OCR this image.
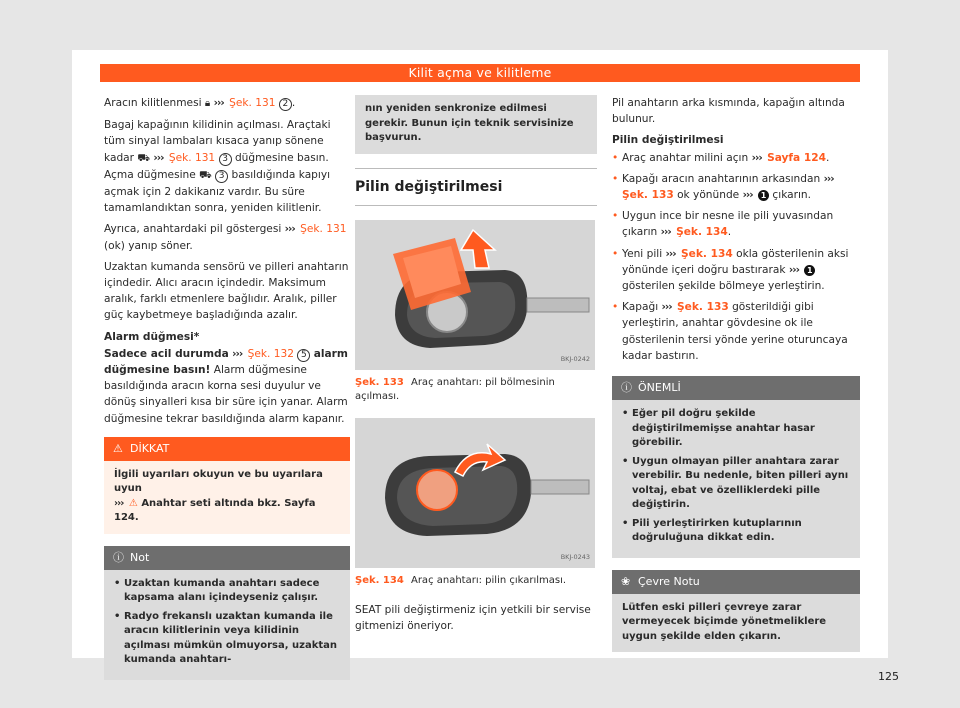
Kilit açma ve kilitleme

Aracın kilitlenmesi 🔒︎ ››› Şek. 131 2 .

Bagaj kapağının kilidinin açılması. Araçtaki tüm sinyal lambaları kısaca yanıp sönene kadar ⛟ ››› Şek. 131 3 düğmesine basın. Açma düğmesine ⛟ 3 basıldığında kapıyı açmak için 2 dakikanız vardır. Bu süre tamamlandıktan sonra, yeniden kilitlenir.

Ayrıca, anahtardaki pil göstergesi ››› Şek. 131 (ok) yanıp söner.

Uzaktan kumanda sensörü ve pilleri anahtarın içindedir. Alıcı aracın içindedir. Maksimum aralık, farklı etmenlere bağlıdır. Aralık, piller güç kaybetmeye başladığında azalır.

Alarm düğmesi*

Sadece acil durumda ››› Şek. 132 5 alarm düğmesine basın! Alarm düğmesine basıldığında aracın korna sesi duyulur ve dönüş sinyalleri kısa bir süre için yanar. Alarm düğmesine tekrar basıldığında alarm kapanır.

⚠ DİKKAT
İlgili uyarıları okuyun ve bu uyarılara uyun
››› ⚠ Anahtar seti altında bkz. Sayfa 124.
ⓘ Not
• Uzaktan kumanda anahtarı sadece kapsama alanı içindeyseniz çalışır.
• Radyo frekanslı uzaktan kumanda ile aracın kilitlerinin veya kilidinin açılması mümkün olmuyorsa, uzaktan kumanda anahtarı-
nın yeniden senkronize edilmesi gerekir. Bunun için teknik servisinize başvurun.
Pilin değiştirilmesi
BKJ-0242
Şek. 133 Araç anahtarı: pil bölmesinin açılması.
BKJ-0243
Şek. 134 Araç anahtarı: pilin çıkarılması.

SEAT pili değiştirmeniz için yetkili bir servise gitmenizi öneriyor.

Pil anahtarın arka kısmında, kapağın altında bulunur.

Pilin değiştirilmesi
• Araç anahtar milini açın ››› Sayfa 124.
• Kapağı aracın anahtarının arkasından ››› Şek. 133 ok yönünde ››› 1 çıkarın.
• Uygun ince bir nesne ile pili yuvasından çıkarın ››› Şek. 134.
• Yeni pili ››› Şek. 134 okla gösterilenin aksi yönünde içeri doğru bastırarak ››› 1 gösterilen şekilde bölmeye yerleştirin.
• Kapağı ››› Şek. 133 gösterildiği gibi yerleştirin, anahtar gövdesine ok ile gösterilenin tersi yönde yerine oturuncaya kadar bastırın.
ⓘ ÖNEMLİ
• Eğer pil doğru şekilde değiştirilmemişse anahtar hasar görebilir.
• Uygun olmayan piller anahtara zarar verebilir. Bu nedenle, biten pilleri aynı voltaj, ebat ve özelliklerdeki pille değiştirin.
• Pili yerleştirirken kutuplarının doğruluğuna dikkat edin.
❀ Çevre Notu
Lütfen eski pilleri çevreye zarar vermeyecek biçimde yönetmeliklere uygun şekilde elden çıkarın.
125
